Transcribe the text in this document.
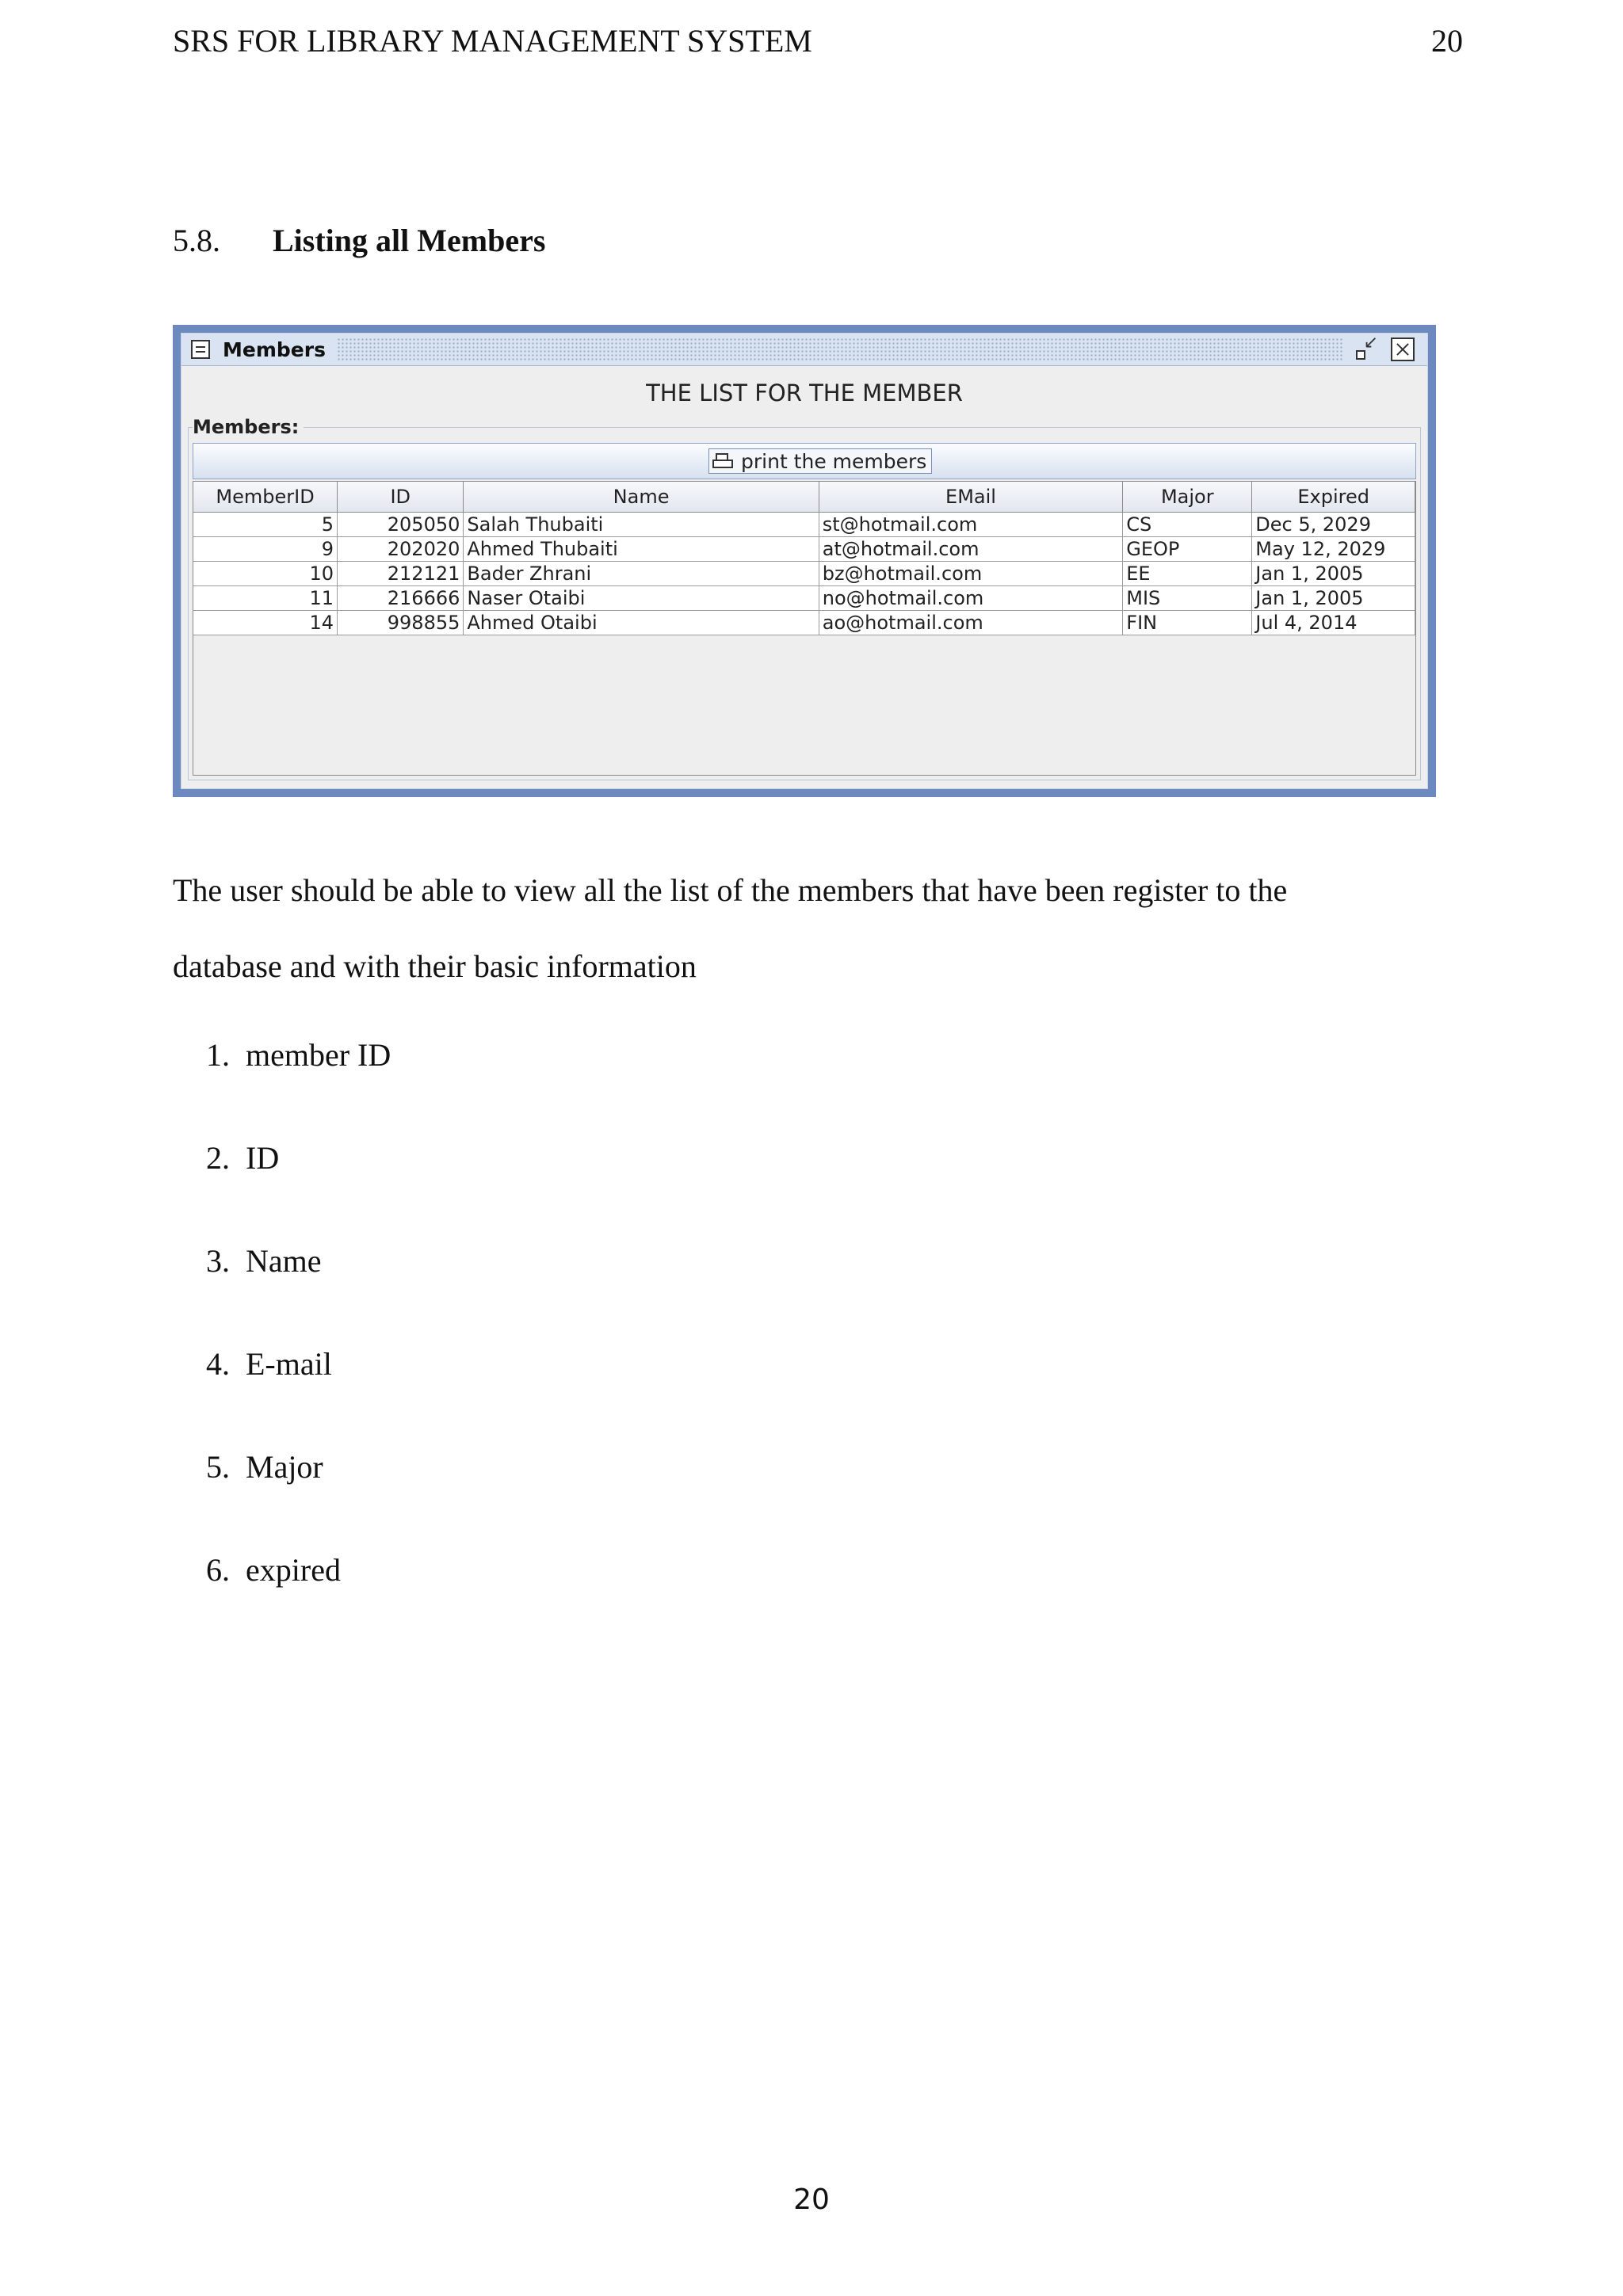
SRS FOR LIBRARY MANAGEMENT SYSTEM	20
5.8. Listing all Members
Members
↙
THE LIST FOR THE MEMBER
Members:
print the members
MemberID	ID	Name	EMail	Major	Expired
5	205050	Salah Thubaiti	st@hotmail.com	CS	Dec 5, 2029
9	202020	Ahmed Thubaiti	at@hotmail.com	GEOP	May 12, 2029
10	212121	Bader Zhrani	bz@hotmail.com	EE	Jan 1, 2005
11	216666	Naser Otaibi	no@hotmail.com	MIS	Jan 1, 2005
14	998855	Ahmed Otaibi	ao@hotmail.com	FIN	Jul 4, 2014

The user should be able to view all the list of the members that have been register to the
database and with their basic information

1. member ID
2. ID
3. Name
4. E-mail
5. Major
6. expired
20
